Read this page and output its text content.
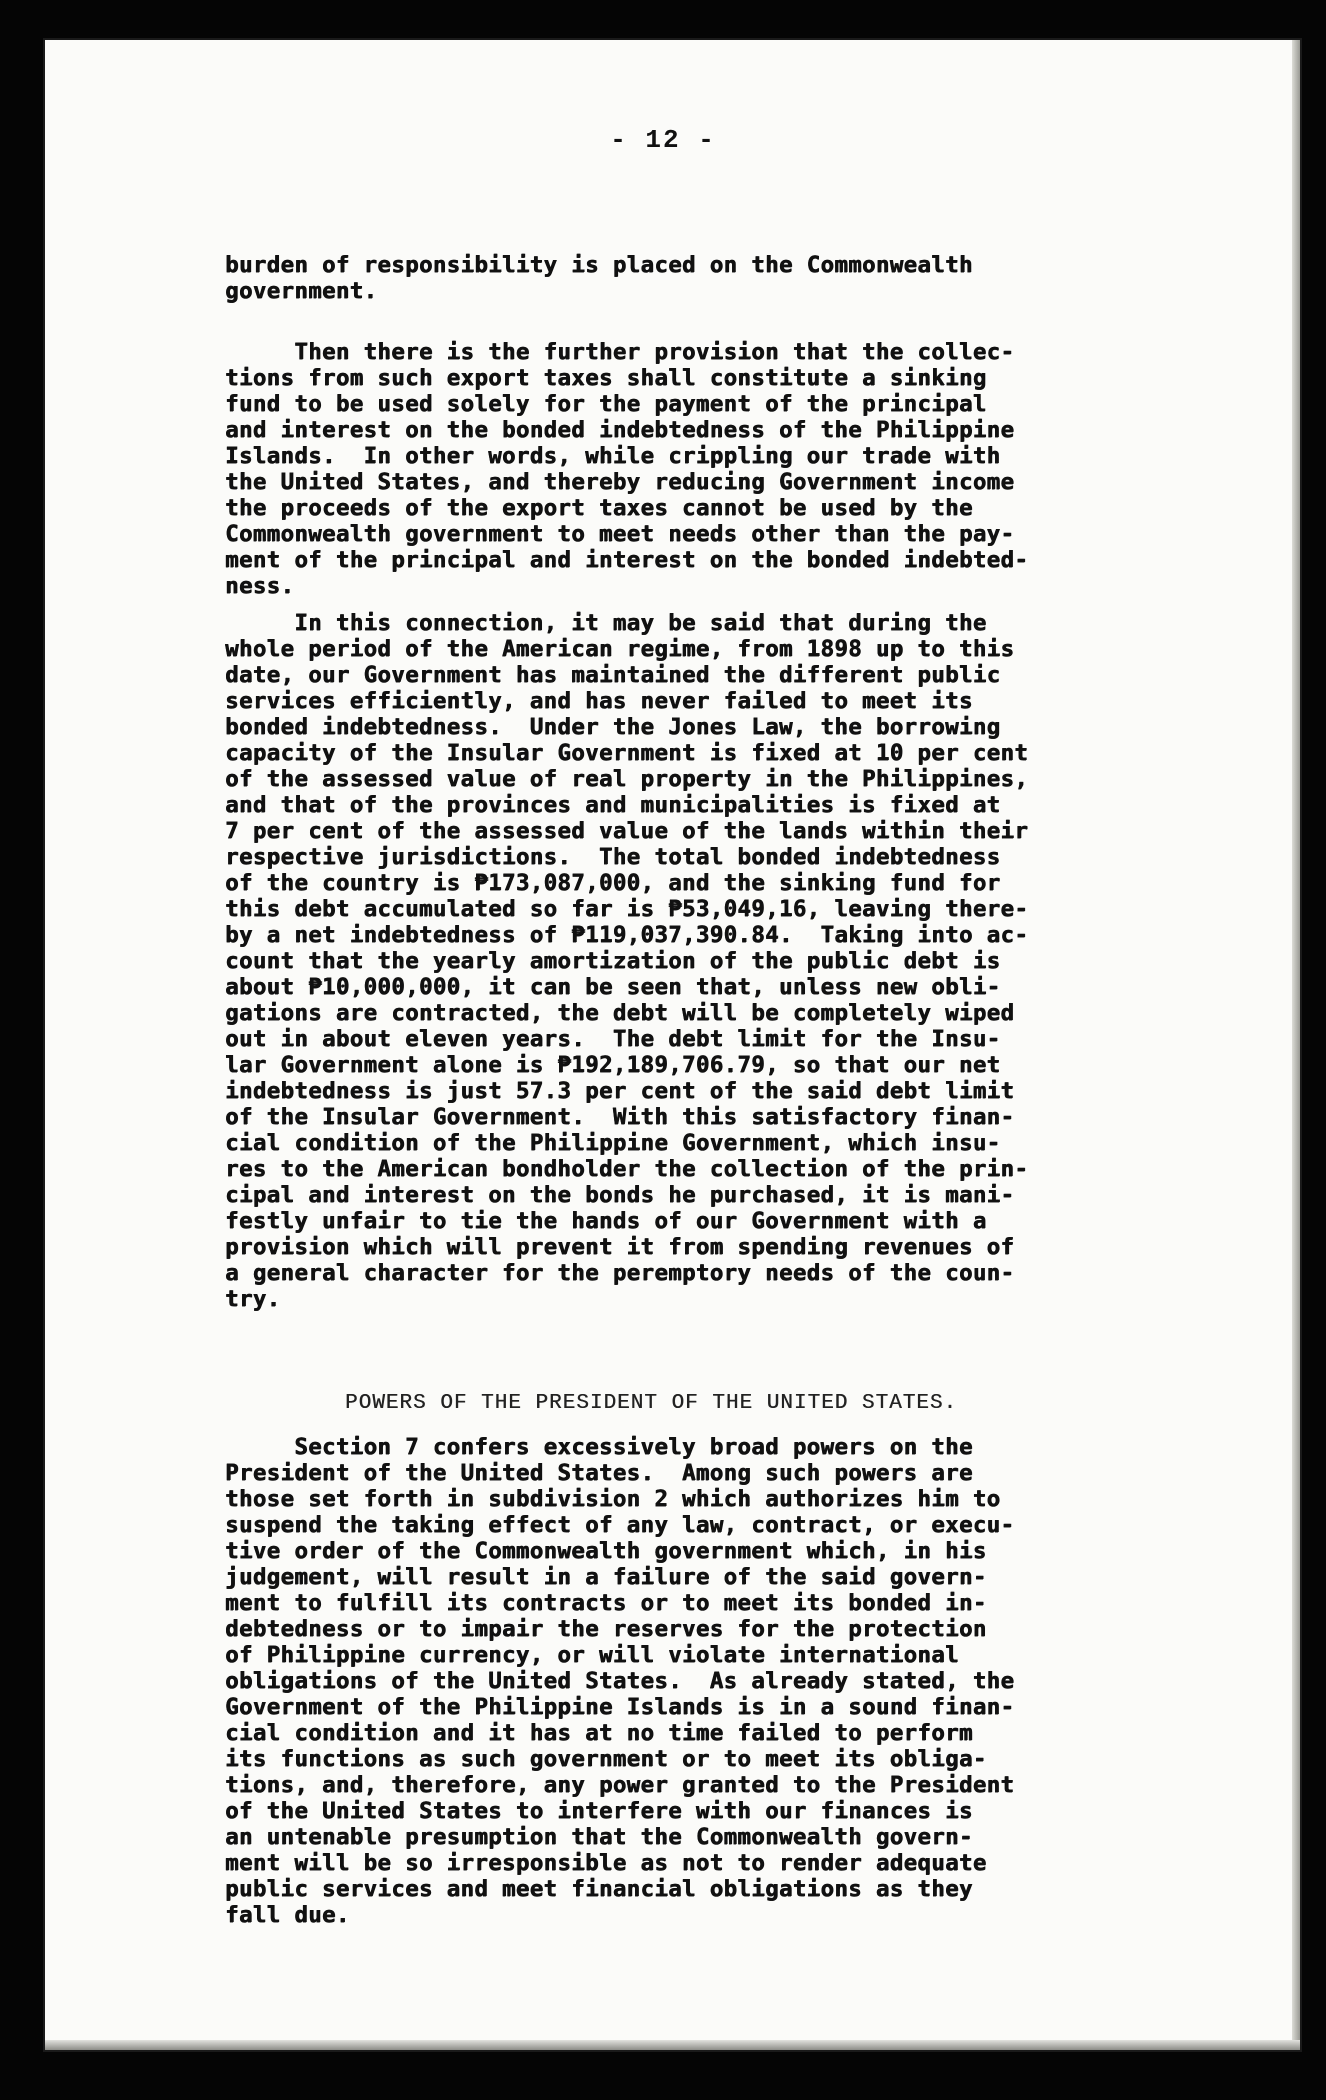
- 12 -
burden of responsibility is placed on the Commonwealth
government.
Then there is the further provision that the collec-
tions from such export taxes shall constitute a sinking
fund to be used solely for the payment of the principal
and interest on the bonded indebtedness of the Philippine
Islands.  In other words, while crippling our trade with
the United States, and thereby reducing Government income
the proceeds of the export taxes cannot be used by the
Commonwealth government to meet needs other than the pay-
ment of the principal and interest on the bonded indebted-
ness.
In this connection, it may be said that during the
whole period of the American regime, from 1898 up to this
date, our Government has maintained the different public
services efficiently, and has never failed to meet its
bonded indebtedness.  Under the Jones Law, the borrowing
capacity of the Insular Government is fixed at 10 per cent
of the assessed value of real property in the Philippines,
and that of the provinces and municipalities is fixed at
7 per cent of the assessed value of the lands within their
respective jurisdictions.  The total bonded indebtedness
of the country is ₱173,087,000, and the sinking fund for
this debt accumulated so far is ₱53,049,16, leaving there-
by a net indebtedness of ₱119,037,390.84.  Taking into ac-
count that the yearly amortization of the public debt is
about ₱10,000,000, it can be seen that, unless new obli-
gations are contracted, the debt will be completely wiped
out in about eleven years.  The debt limit for the Insu-
lar Government alone is ₱192,189,706.79, so that our net
indebtedness is just 57.3 per cent of the said debt limit
of the Insular Government.  With this satisfactory finan-
cial condition of the Philippine Government, which insu-
res to the American bondholder the collection of the prin-
cipal and interest on the bonds he purchased, it is mani-
festly unfair to tie the hands of our Government with a
provision which will prevent it from spending revenues of
a general character for the peremptory needs of the coun-
try.
POWERS OF THE PRESIDENT OF THE UNITED STATES.
Section 7 confers excessively broad powers on the
President of the United States.  Among such powers are
those set forth in subdivision 2 which authorizes him to
suspend the taking effect of any law, contract, or execu-
tive order of the Commonwealth government which, in his
judgement, will result in a failure of the said govern-
ment to fulfill its contracts or to meet its bonded in-
debtedness or to impair the reserves for the protection
of Philippine currency, or will violate international
obligations of the United States.  As already stated, the
Government of the Philippine Islands is in a sound finan-
cial condition and it has at no time failed to perform
its functions as such government or to meet its obliga-
tions, and, therefore, any power granted to the President
of the United States to interfere with our finances is
an untenable presumption that the Commonwealth govern-
ment will be so irresponsible as not to render adequate
public services and meet financial obligations as they
fall due.
